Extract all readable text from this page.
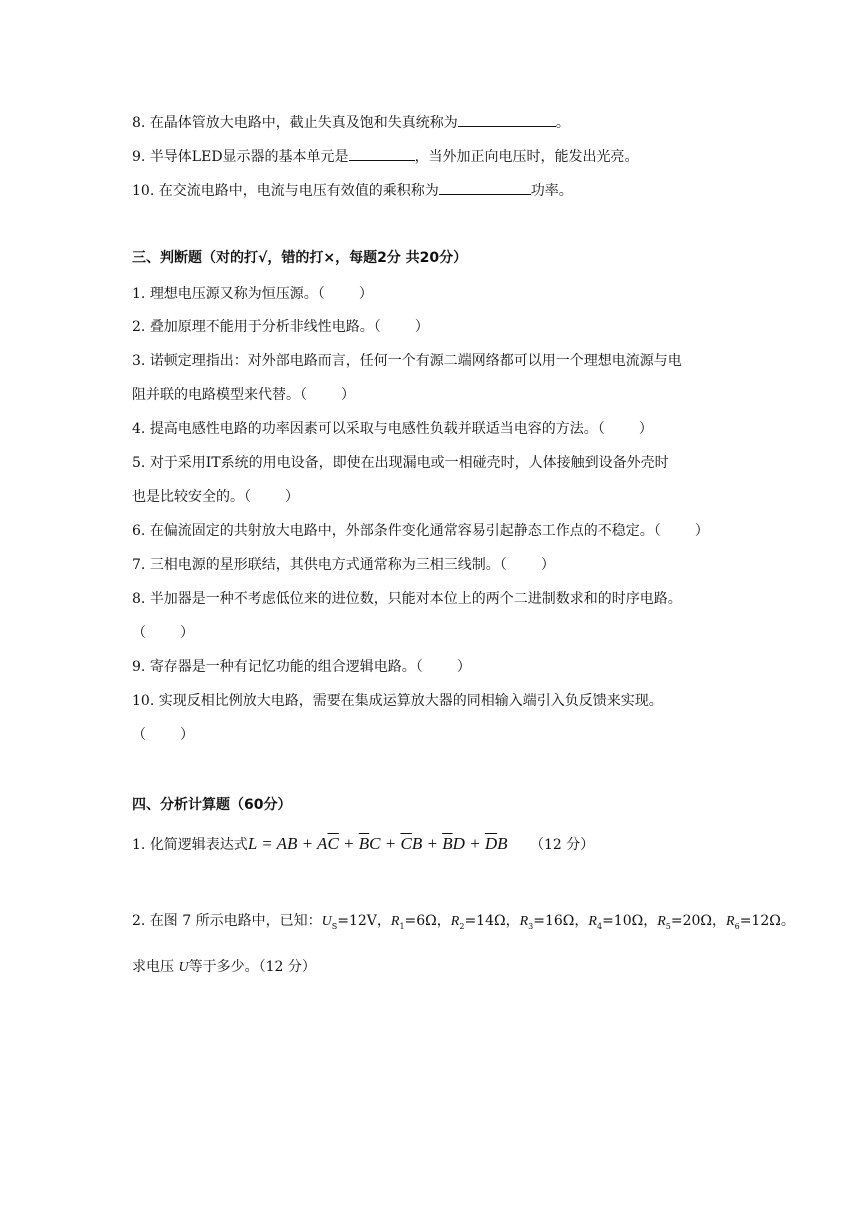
8. 在晶体管放大电路中，截止失真及饱和失真统称为	。
9. 半导体LED显示器的基本单元是	，当外加正向电压时，能发出光亮。
10. 在交流电路中，电流与电压有效值的乘积称为	功率。
三、判断题（对的打√，错的打×，每题2分 共20分）
1. 理想电压源又称为恒压源。（ ）
2. 叠加原理不能用于分析非线性电路。（ ）
3. 诺顿定理指出：对外部电路而言，任何一个有源二端网络都可以用一个理想电流源与电
阻并联的电路模型来代替。（ ）
4. 提高电感性电路的功率因素可以采取与电感性负载并联适当电容的方法。（ ）
5. 对于采用IT系统的用电设备，即使在出现漏电或一相碰壳时，人体接触到设备外壳时
也是比较安全的。（ ）
6. 在偏流固定的共射放大电路中，外部条件变化通常容易引起静态工作点的不稳定。（ ）
7. 三相电源的星形联结，其供电方式通常称为三相三线制。（ ）
8. 半加器是一种不考虑低位来的进位数，只能对本位上的两个二进制数求和的时序电路。
（ ）
9. 寄存器是一种有记忆功能的组合逻辑电路。（ ）
10. 实现反相比例放大电路，需要在集成运算放大器的同相输入端引入负反馈来实现。
（ ）
四、分析计算题（60分）
1. 化简逻辑表达式L = AB + $A\overline{C} + \overline{B}C + \overline{C}B + \overline{B}D + \overline{D}B$ （12 分）
2. 在图 7 所示电路中，已知：$U_S=12V$，$R_1=6\Omega$，$R_2=14\Omega$，$R_3=16\Omega$，$R_4=10\Omega$，$R_5=20\Omega$，$R_6=12\Omega$。
求电压 U等于多少。（12 分）
